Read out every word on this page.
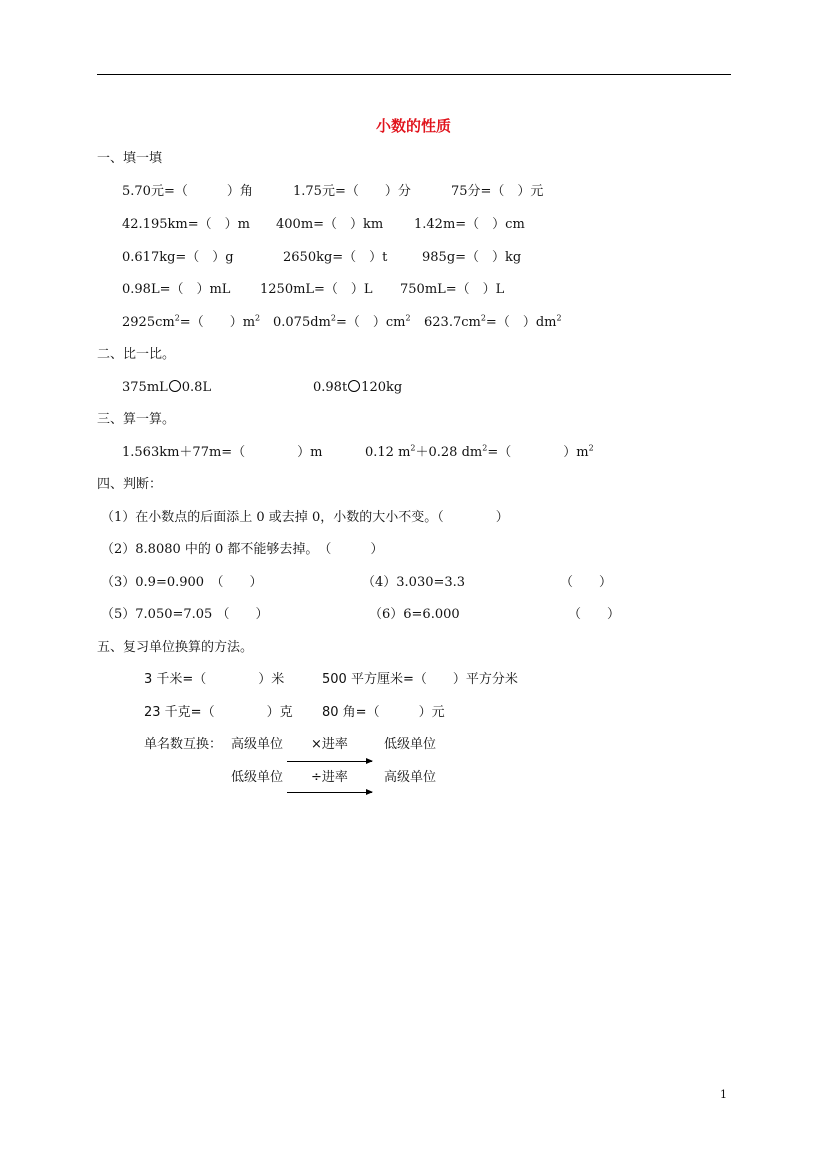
小数的性质
一、填一填
5.70元=（　　　）角	1.75元=（　　）分	75分=（　）元
42.195km=（　）m 400m=（　）km 1.42m=（　）cm
0.617kg=（　）g	2650kg=（　）t	985g=（　）kg
0.98L=（　）mL 1250mL=（　）L 750mL=（　）L
$2925cm^2=$（　　）$m^2$ $0.075dm^2=$（　）$cm^2$ $623.7cm^2=$（　）$dm^2$
二、比一比。
375mL 0.8L	0.98t 120kg
三、算一算。
1.563km＋77m=（　　　　）m	0.12 $m^2+0.28$ $dm^2=$（　　　　）$m^2$
四、判断：
（1）在小数点的后面添上 0 或去掉 0，小数的大小不变。（　　　　）
（2）8.8080 中的 0 都不能够去掉。　（　　　）
（3）0.9=0.900　（　　）	（4）3.030=3.3	（　　）
（5）7.050=7.05 （　　）	（6）6=6.000	（　　）
五、复习单位换算的方法。
3 千米=（　　　　）米	500 平方厘米=（　　）平方分米
23 千克=（　　　　）克 80 角=（　　　）元
单名数互换： 高级单位 ×进率	低级单位
低级单位 ÷进率	高级单位
1
